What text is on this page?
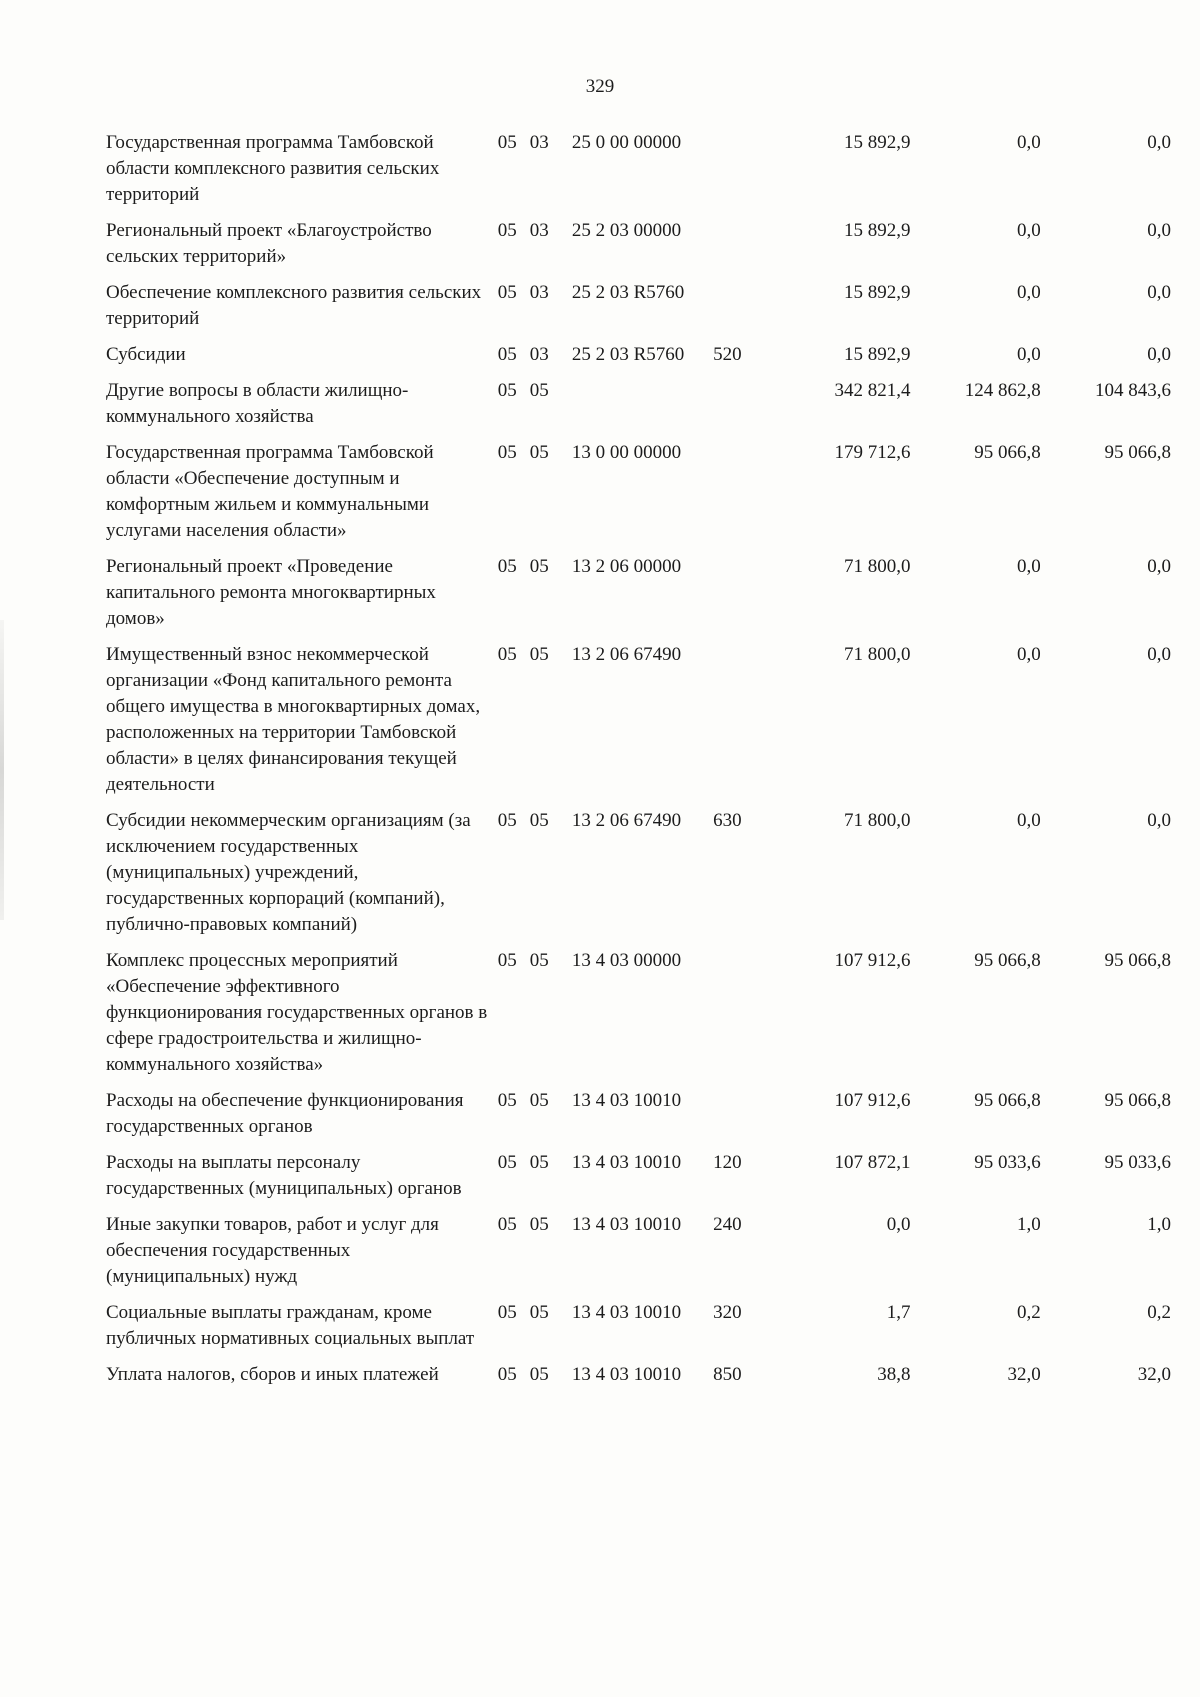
329
Государственная программа Тамбовской области комплексного развития сельских территорий	05	03	25 0 00 00000		15 892,9	0,0	0,0
Региональный проект «Благоустройство сельских территорий»	05	03	25 2 03 00000		15 892,9	0,0	0,0
Обеспечение комплексного развития сельских территорий	05	03	25 2 03 R5760		15 892,9	0,0	0,0
Субсидии	05	03	25 2 03 R5760	520	15 892,9	0,0	0,0
Другие вопросы в области жилищно-коммунального хозяйства	05	05			342 821,4	124 862,8	104 843,6
Государственная программа Тамбовской области «Обеспечение доступным и комфортным жильем и коммунальными услугами населения области»	05	05	13 0 00 00000		179 712,6	95 066,8	95 066,8
Региональный проект «Проведение капитального ремонта многоквартирных домов»	05	05	13 2 06 00000		71 800,0	0,0	0,0
Имущественный взнос некоммерческой организации «Фонд капитального ремонта общего имущества в многоквартирных домах, расположенных на территории Тамбовской области» в целях финансирования текущей деятельности	05	05	13 2 06 67490		71 800,0	0,0	0,0
Субсидии некоммерческим организациям (за исключением государственных (муниципальных) учреждений, государственных корпораций (компаний), публично-правовых компаний)	05	05	13 2 06 67490	630	71 800,0	0,0	0,0
Комплекс процессных мероприятий «Обеспечение эффективного функционирования государственных органов в сфере градостроительства и жилищно-коммунального хозяйства»	05	05	13 4 03 00000		107 912,6	95 066,8	95 066,8
Расходы на обеспечение функционирования государственных органов	05	05	13 4 03 10010		107 912,6	95 066,8	95 066,8
Расходы на выплаты персоналу государственных (муниципальных) органов	05	05	13 4 03 10010	120	107 872,1	95 033,6	95 033,6
Иные закупки товаров, работ и услуг для обеспечения государственных (муниципальных) нужд	05	05	13 4 03 10010	240	0,0	1,0	1,0
Социальные выплаты гражданам, кроме публичных нормативных социальных выплат	05	05	13 4 03 10010	320	1,7	0,2	0,2
Уплата налогов, сборов и иных платежей	05	05	13 4 03 10010	850	38,8	32,0	32,0
